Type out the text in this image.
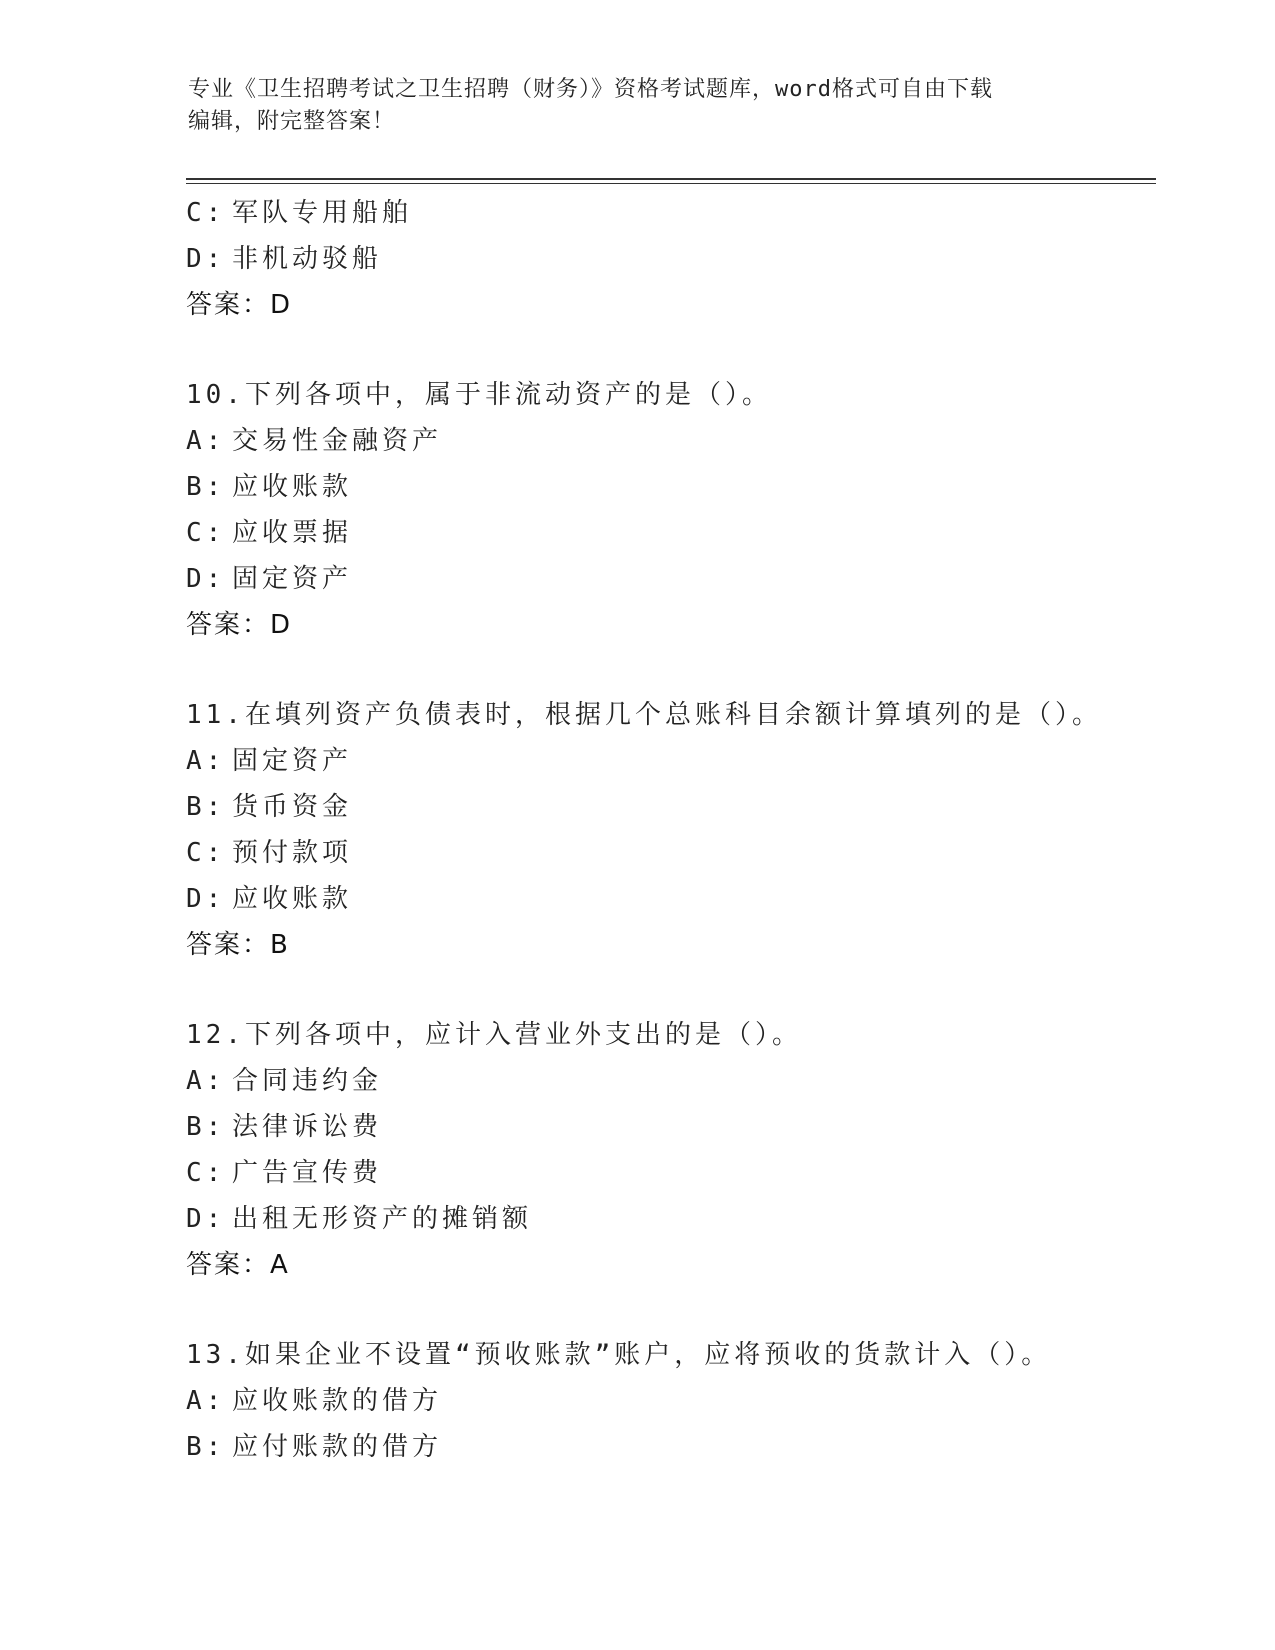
专业《卫生招聘考试之卫生招聘（财务）》资格考试题库，word格式可自由下载
编辑，附完整答案！
C: 军队专用船舶
D: 非机动驳船
答案：D
10.下列各项中，属于非流动资产的是（）。
A: 交易性金融资产
B: 应收账款
C: 应收票据
D: 固定资产
答案：D
11.在填列资产负债表时，根据几个总账科目余额计算填列的是（）。
A: 固定资产
B: 货币资金
C: 预付款项
D: 应收账款
答案：B
12.下列各项中，应计入营业外支出的是（）。
A: 合同违约金
B: 法律诉讼费
C: 广告宣传费
D: 出租无形资产的摊销额
答案：A
13.如果企业不设置“预收账款”账户，应将预收的货款计入（）。
A: 应收账款的借方
B: 应付账款的借方
